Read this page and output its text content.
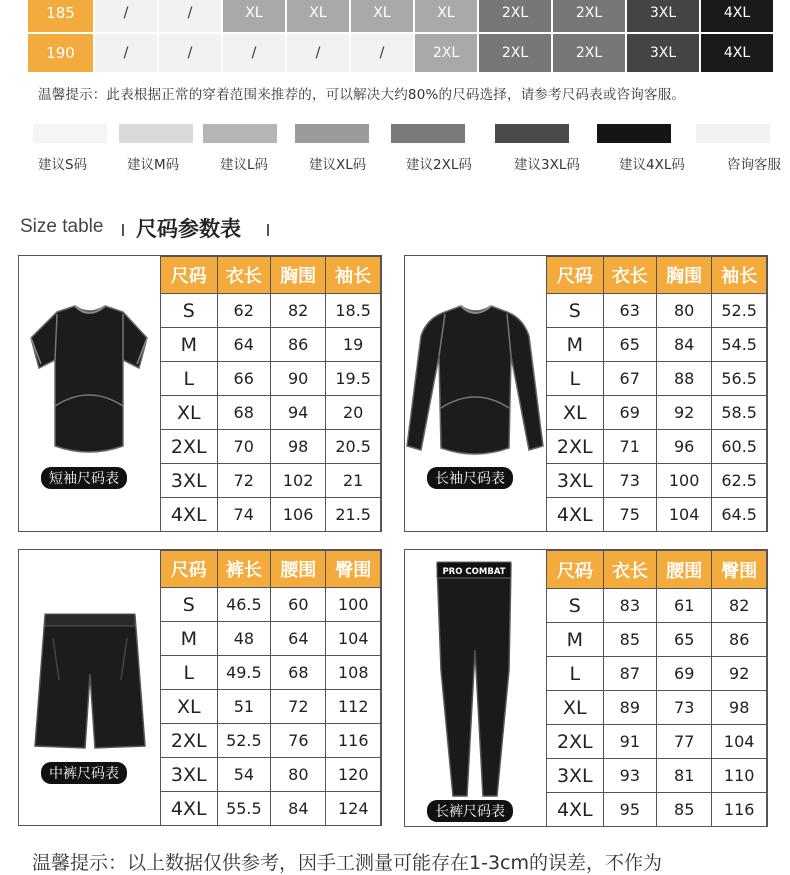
185	/	/	XL	XL	XL	XL	2XL	2XL	3XL	4XL
190	/	/	/	/	/	2XL	2XL	2XL	3XL	4XL
温馨提示：此表根据正常的穿着范围来推荐的，可以解决大约80%的尺码选择，请参考尺码表或咨询客服。
建议S码	建议M码	建议L码	建议XL码	建议2XL码	建议3XL码	建议4XL码	咨询客服
Size table 尺码参数表
短袖尺码表
尺码	衣长	胸围	袖长
S	62	82	18.5
M	64	86	19
L	66	90	19.5
XL	68	94	20
2XL	70	98	20.5
3XL	72	102	21
4XL	74	106	21.5
长袖尺码表
尺码	衣长	胸围	袖长
S	63	80	52.5
M	65	84	54.5
L	67	88	56.5
XL	69	92	58.5
2XL	71	96	60.5
3XL	73	100	62.5
4XL	75	104	64.5
中裤尺码表
尺码	裤长	腰围	臀围
S	46.5	60	100
M	48	64	104
L	49.5	68	108
XL	51	72	112
2XL	52.5	76	116
3XL	54	80	120
4XL	55.5	84	124
PRO COMBAT
长裤尺码表
尺码	衣长	腰围	臀围
S	83	61	82
M	85	65	86
L	87	69	92
XL	89	73	98
2XL	91	77	104
3XL	93	81	110
4XL	95	85	116
温馨提示：以上数据仅供参考，因手工测量可能存在1-3cm的误差，不作为
